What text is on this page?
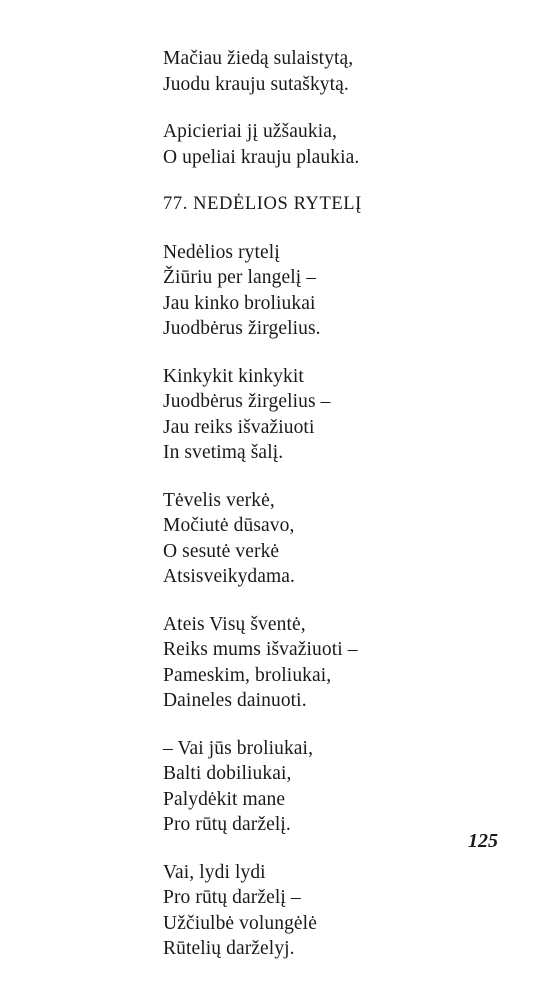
Mačiau žiedą sulaistytą,
Juodu krauju sutaškytą.
Apicieriai jį užšaukia,
O upeliai krauju plaukia.
77. NEDĖLIOS RYTELĮ
Nedėlios rytelį
Žiūriu per langelį –
Jau kinko broliukai
Juodbėrus žirgelius.
Kinkykit kinkykit
Juodbėrus žirgelius –
Jau reiks išvažiuoti
In svetimą šalį.
Tėvelis verkė,
Močiutė dūsavo,
O sesutė verkė
Atsisveikydama.
Ateis Visų šventė,
Reiks mums išvažiuoti –
Pameskim, broliukai,
Daineles dainuoti.
– Vai jūs broliukai,
Balti dobiliukai,
Palydėkit mane
Pro rūtų darželį.
Vai, lydi lydi
Pro rūtų darželį –
Užčiulbė volungėlė
Rūtelių darželyj.
125
